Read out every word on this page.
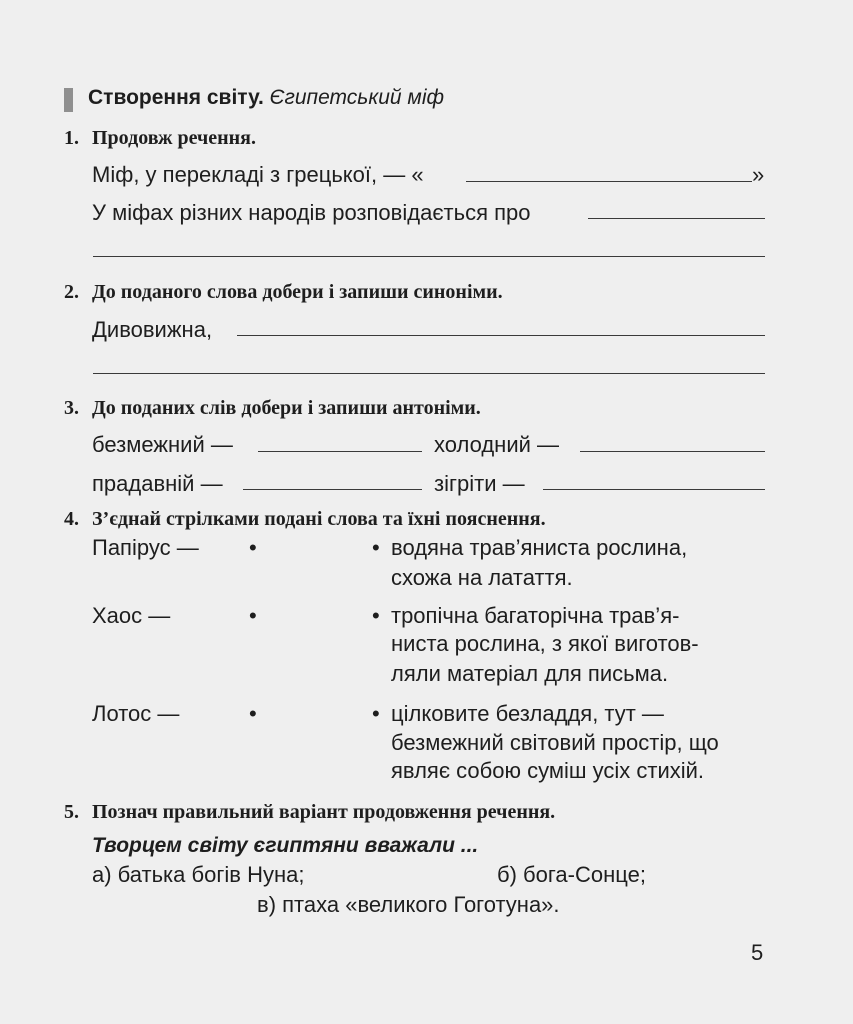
Створення світу. Єгипетський міф
1. Продовж речення.
Міф, у перекладі з грецької, — «	»
У міфах різних народів розповідається про
2. До поданого слова добери і запиши синоніми.
Дивовижна,
3. До поданих слів добери і запиши антоніми.
безмежний —	холодний —
прадавній —	зігріти —
4. З’єднай стрілками подані слова та їхні пояснення.
Папірус — •	• водяна трав’яниста рослина,
схожа на латаття.
Хаос —	•	• тропічна багаторічна трав’я-
ниста рослина, з якої виготов-
ляли матеріал для письма.
Лотос —	•	• цілковите безладдя, тут —
безмежний світовий простір, що
являє собою суміш усіх стихій.
5. Познач правильний варіант продовження речення.
Творцем світу єгиптяни вважали ...
а) батька богів Нуна;	б) бога-Сонце;
в) птаха «великого Гоготуна».
5
